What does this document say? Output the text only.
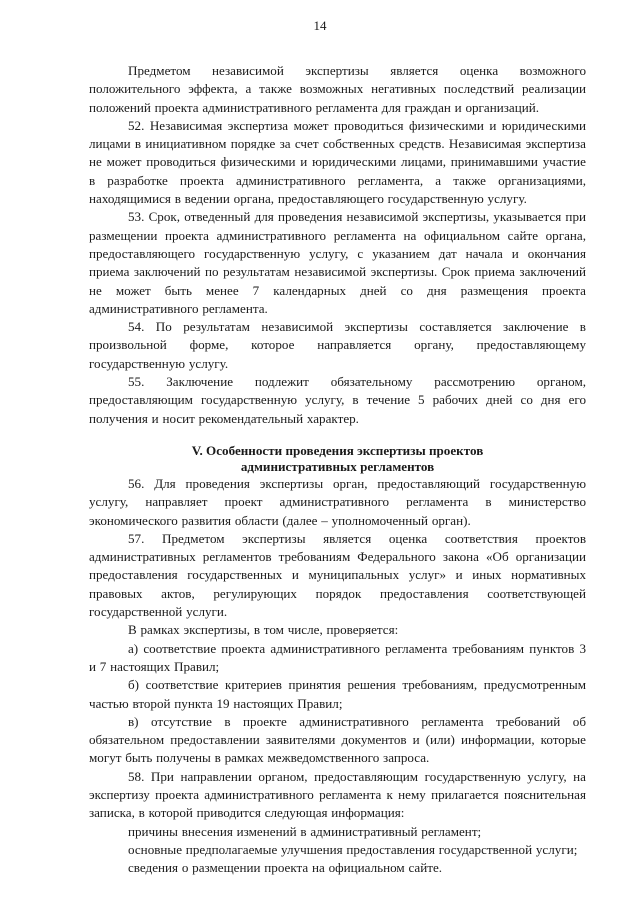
14

Предметом независимой экспертизы является оценка возможного положительного эффекта, а также возможных негативных последствий реализации положений проекта административного регламента для граждан и организаций.

52. Независимая экспертиза может проводиться физическими и юридическими лицами в инициативном порядке за счет собственных средств. Независимая экспертиза не может проводиться физическими и юридическими лицами, принимавшими участие в разработке проекта административного регламента, а также организациями, находящимися в ведении органа, предоставляющего государственную услугу.

53. Срок, отведенный для проведения независимой экспертизы, указывается при размещении проекта административного регламента на официальном сайте органа, предоставляющего государственную услугу, с указанием дат начала и окончания приема заключений по результатам независимой экспертизы. Срок приема заключений не может быть менее 7 календарных дней со дня размещения проекта административного регламента.

54. По результатам независимой экспертизы составляется заключение в произвольной форме, которое направляется органу, предоставляющему государственную услугу.

55. Заключение подлежит обязательному рассмотрению органом, предоставляющим государственную услугу, в течение 5 рабочих дней со дня его получения и носит рекомендательный характер.

V. Особенности проведения экспертизы проектов
административных регламентов

56. Для проведения экспертизы орган, предоставляющий государственную услугу, направляет проект административного регламента в министерство экономического развития области (далее – уполномоченный орган).

57. Предметом экспертизы является оценка соответствия проектов административных регламентов требованиям Федерального закона «Об организации предоставления государственных и муниципальных услуг» и иных нормативных правовых актов, регулирующих порядок предоставления соответствующей государственной услуги.

В рамках экспертизы, в том числе, проверяется:

а) соответствие проекта административного регламента требованиям пунктов 3 и 7 настоящих Правил;

б) соответствие критериев принятия решения требованиям, предусмотренным частью второй пункта 19 настоящих Правил;

в) отсутствие в проекте административного регламента требований об обязательном предоставлении заявителями документов и (или) информации, которые могут быть получены в рамках межведомственного запроса.

58. При направлении органом, предоставляющим государственную услугу, на экспертизу проекта административного регламента к нему прилагается пояснительная записка, в которой приводится следующая информация:

причины внесения изменений в административный регламент;

основные предполагаемые улучшения предоставления государственной услуги;

сведения о размещении проекта на официальном сайте.
